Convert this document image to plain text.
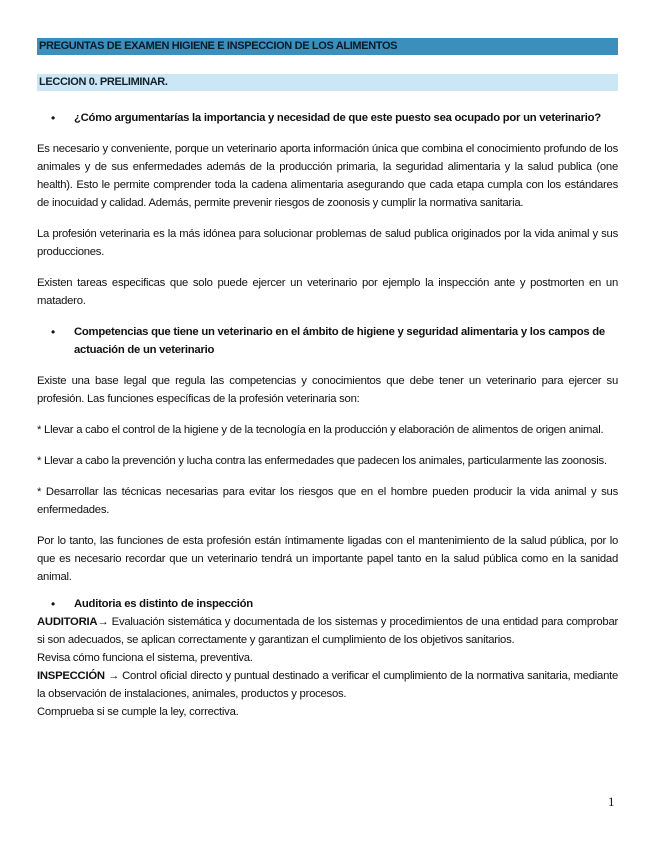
PREGUNTAS DE EXAMEN HIGIENE E INSPECCION DE LOS ALIMENTOS
LECCION 0. PRELIMINAR.
• ¿Cómo argumentarías la importancia y necesidad de que este puesto sea ocupado por un veterinario?

Es necesario y conveniente, porque un veterinario aporta información única que combina el conocimiento profundo de los animales y de sus enfermedades además de la producción primaria, la seguridad alimentaria y la salud publica (one health). Esto le permite comprender toda la cadena alimentaria asegurando que cada etapa cumpla con los estándares de inocuidad y calidad. Además, permite prevenir riesgos de zoonosis y cumplir la normativa sanitaria.

La profesión veterinaria es la más idónea para solucionar problemas de salud publica originados por la vida animal y sus producciones.

Existen tareas especificas que solo puede ejercer un veterinario por ejemplo la inspección ante y postmorten en un matadero.

• Competencias que tiene un veterinario en el ámbito de higiene y seguridad alimentaria y los campos de actuación de un veterinario

Existe una base legal que regula las competencias y conocimientos que debe tener un veterinario para ejercer su profesión. Las funciones específicas de la profesión veterinaria son:

* Llevar a cabo el control de la higiene y de la tecnología en la producción y elaboración de alimentos de origen animal.

* Llevar a cabo la prevención y lucha contra las enfermedades que padecen los animales, particularmente las zoonosis.

* Desarrollar las técnicas necesarias para evitar los riesgos que en el hombre pueden producir la vida animal y sus enfermedades.

Por lo tanto, las funciones de esta profesión están íntimamente ligadas con el mantenimiento de la salud pública, por lo que es necesario recordar que un veterinario tendrá un importante papel tanto en la salud pública como en la sanidad animal.

• Auditoria es distinto de inspección

AUDITORIA→ Evaluación sistemática y documentada de los sistemas y procedimientos de una entidad para comprobar si son adecuados, se aplican correctamente y garantizan el cumplimiento de los objetivos sanitarios.

Revisa cómo funciona el sistema, preventiva.

INSPECCIÓN → Control oficial directo y puntual destinado a verificar el cumplimiento de la normativa sanitaria, mediante la observación de instalaciones, animales, productos y procesos.

Comprueba si se cumple la ley, correctiva.

1
